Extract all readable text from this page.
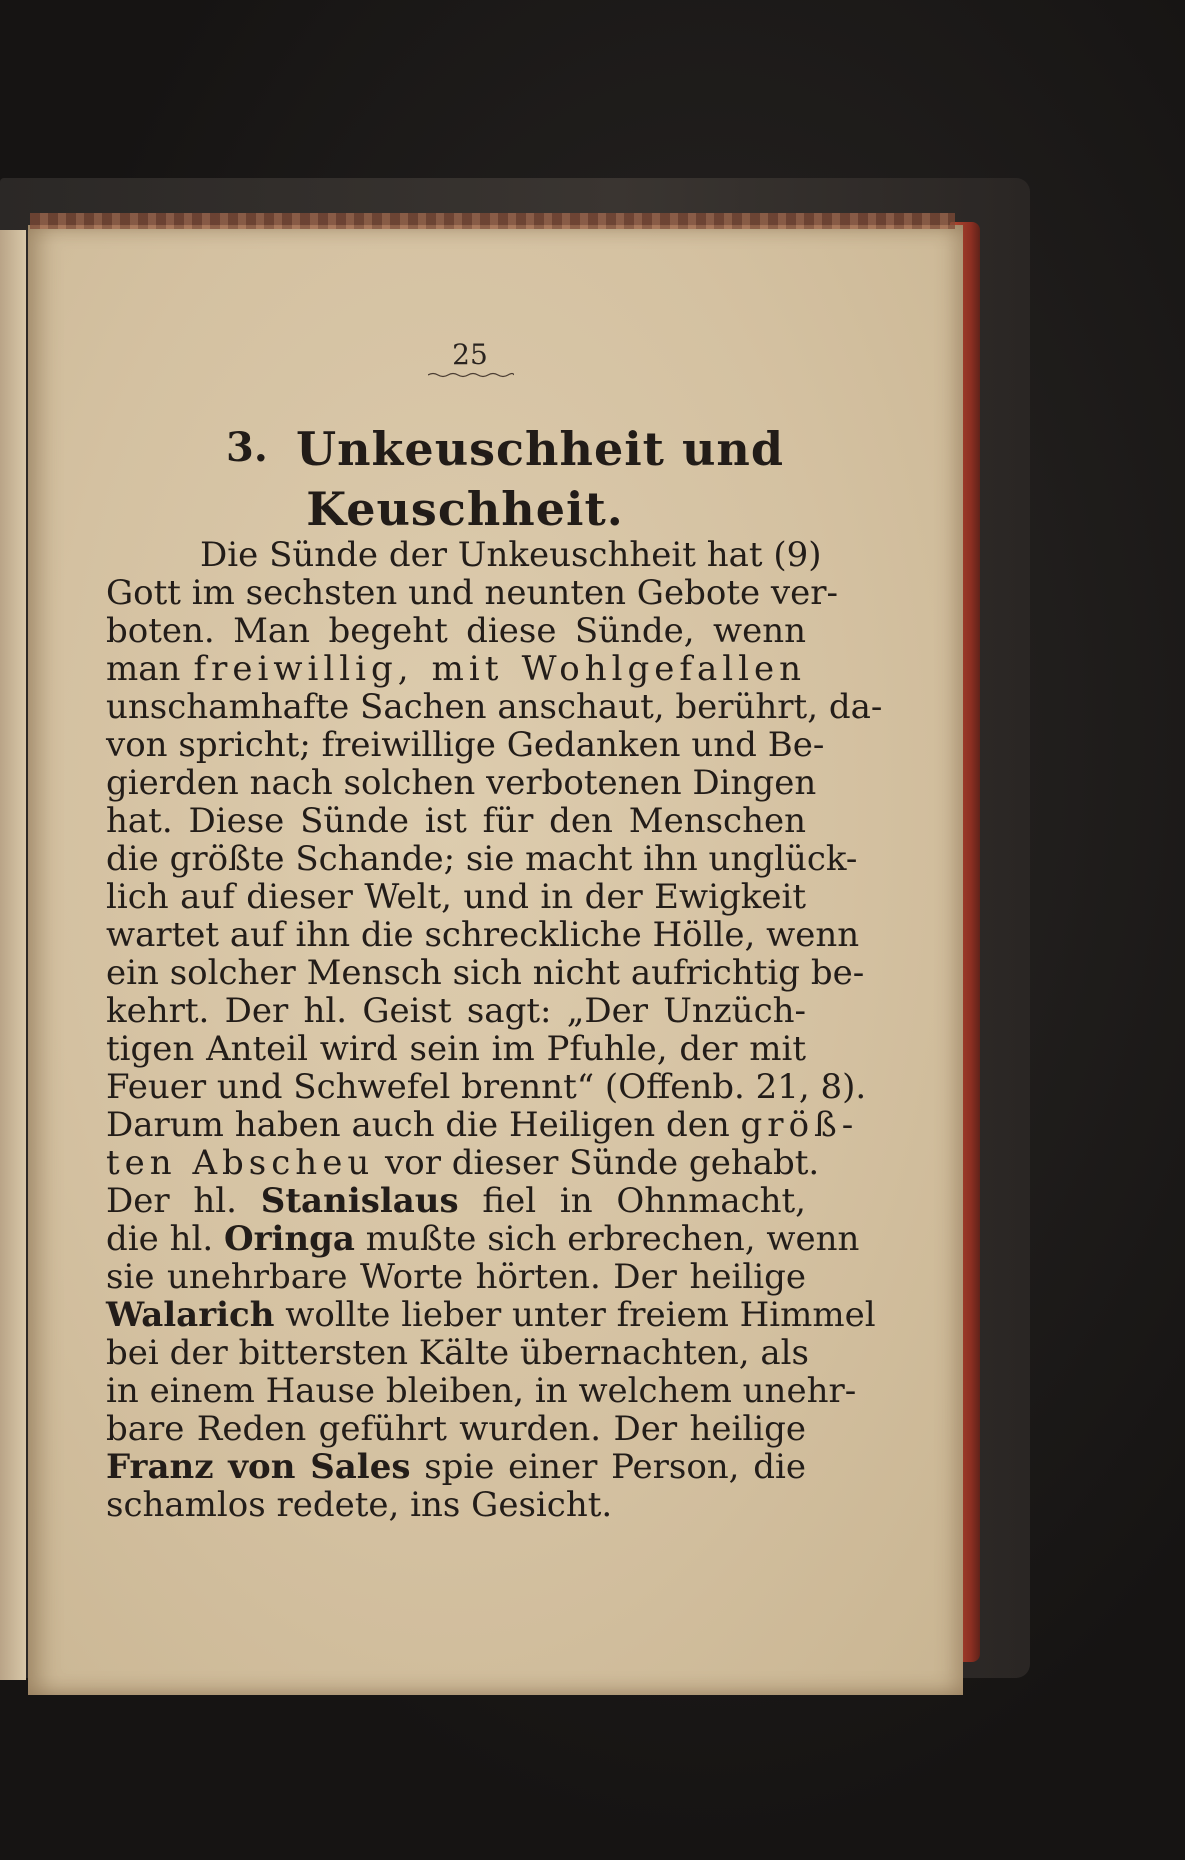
25
3. Unkeuschheit und
Keuschheit.
Die Sünde der Unkeuschheit hat (9)
Gott im sechsten und neunten Gebote ver-
boten. Man begeht diese Sünde, wenn
man freiwillig, mit Wohlgefallen
unschamhafte Sachen anschaut, berührt, da-
von spricht; freiwillige Gedanken und Be-
gierden nach solchen verbotenen Dingen
hat. Diese Sünde ist für den Menschen
die größte Schande; sie macht ihn unglück-
lich auf dieser Welt, und in der Ewigkeit
wartet auf ihn die schreckliche Hölle, wenn
ein solcher Mensch sich nicht aufrichtig be-
kehrt. Der hl. Geist sagt: „Der Unzüch-
tigen Anteil wird sein im Pfuhle, der mit
Feuer und Schwefel brennt“ (Offenb. 21, 8).
Darum haben auch die Heiligen den größ-
ten Abscheu vor dieser Sünde gehabt.
Der hl. Stanislaus fiel in Ohnmacht,
die hl. Oringa mußte sich erbrechen, wenn
sie unehrbare Worte hörten. Der heilige
Walarich wollte lieber unter freiem Himmel
bei der bittersten Kälte übernachten, als
in einem Hause bleiben, in welchem unehr-
bare Reden geführt wurden. Der heilige
Franz von Sales spie einer Person, die
schamlos redete, ins Gesicht.
